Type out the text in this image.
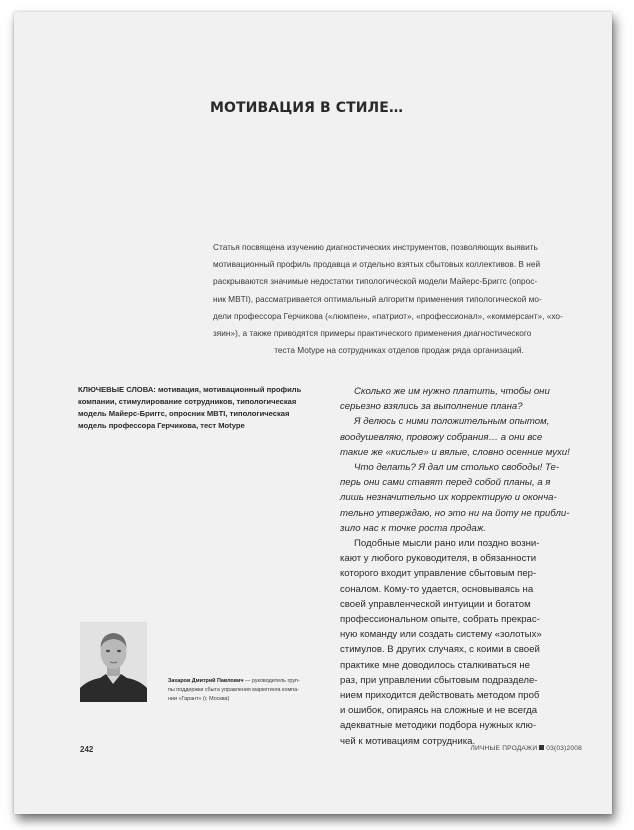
МОТИВАЦИЯ В СТИЛЕ…

Статья посвящена изучению диагностических инструментов, позволяющих выявить
мотивационный профиль продавца и отдельно взятых сбытовых коллективов. В ней
раскрываются значимые недостатки типологической модели Майерс-Бриггс (опрос-
ник MBTI), рассматривается оптимальный алгоритм применения типологической мо-
дели профессора Герчикова («люмпен», «патриот», «профессионал», «коммерсант», «хо-
зяин»), а также приводятся примеры практического применения диагностического
теста Motype на сотрудниках отделов продаж ряда организаций.

КЛЮЧЕВЫЕ СЛОВА: мотивация, мотивационный профиль
компании, стимулирование сотрудников, типологическая
модель Майерс-Бриггс, опросник MBTI, типологическая
модель профессора Герчикова, тест Motype

Сколько же им нужно платить, чтобы они
серьезно взялись за выполнение плана?
Я делюсь с ними положительным опытом,
воодушевляю, провожу собрания… а они все
такие же «кислые» и вялые, словно осенние мухи!
Что делать? Я дал им столько свободы! Те-
перь они сами ставят перед собой планы, а я
лишь незначительно их корректирую и оконча-
тельно утверждаю, но это ни на йоту не прибли-
зило нас к точке роста продаж.
Подобные мысли рано или поздно возни-
кают у любого руководителя, в обязанности
которого входит управление сбытовым пер-
соналом. Кому-то удается, основываясь на
своей управленческой интуиции и богатом
профессиональном опыте, собрать прекрас-
ную команду или создать систему «золотых»
стимулов. В других случаях, с коими в своей
практике мне доводилось сталкиваться не
раз, при управлении сбытовым подразделе-
нием приходится действовать методом проб
и ошибок, опираясь на сложные и не всегда
адекватные методики подбора нужных клю-
чей к мотивациям сотрудника.
Захаров Дмитрий Павлович — руководитель груп-
пы поддержки сбыта управления маркетинга компа-
нии «Гарант» (г. Москва)
242	ЛИЧНЫЕ ПРОДАЖИ 03(03)2008
